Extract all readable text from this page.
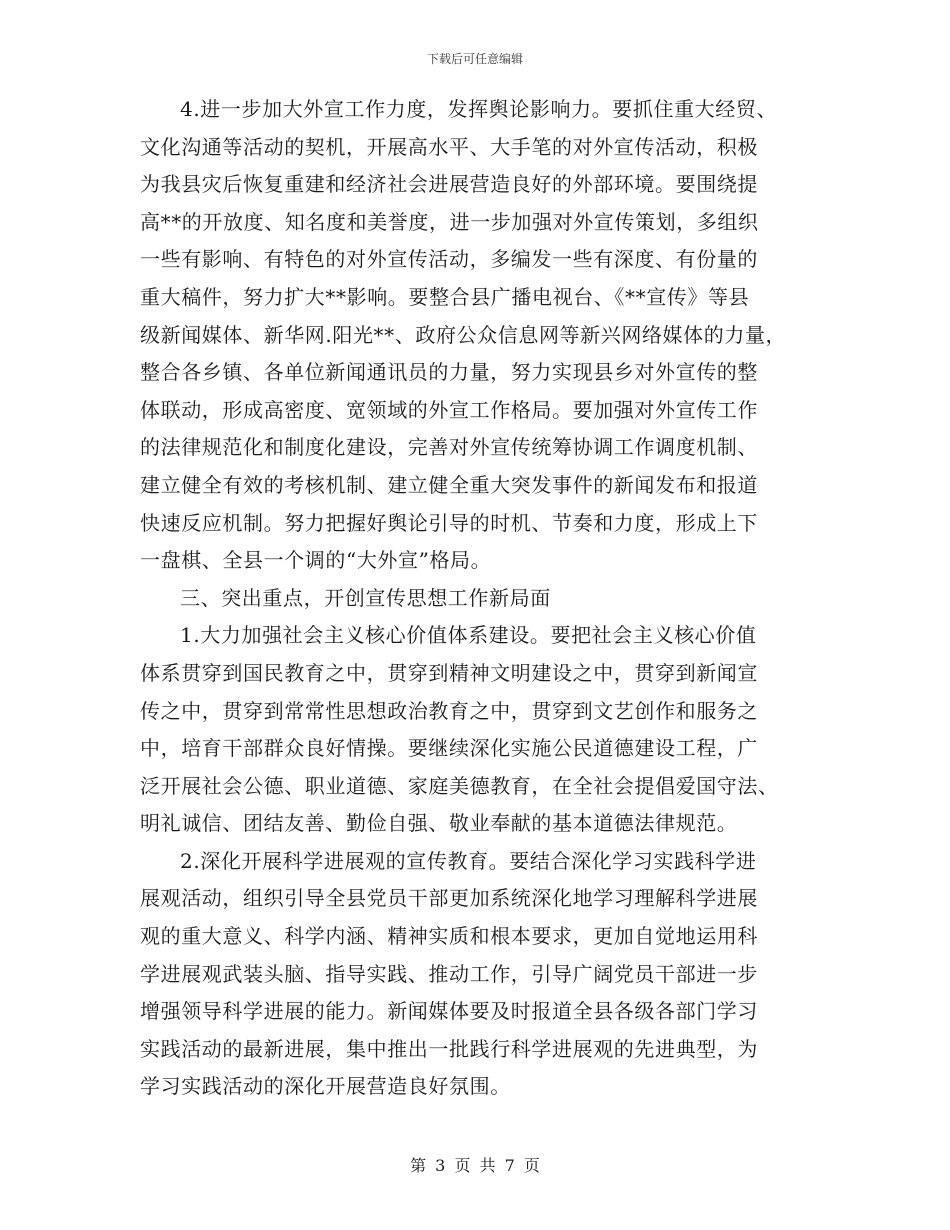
下载后可任意编辑
4.进一步加大外宣工作力度，发挥舆论影响力。要抓住重大经贸、
文化沟通等活动的契机，开展高水平、大手笔的对外宣传活动，积极
为我县灾后恢复重建和经济社会进展营造良好的外部环境。要围绕提
高**的开放度、知名度和美誉度，进一步加强对外宣传策划，多组织
一些有影响、有特色的对外宣传活动，多编发一些有深度、有份量的
重大稿件，努力扩大**影响。要整合县广播电视台、《**宣传》等县
级新闻媒体、新华网.阳光**、政府公众信息网等新兴网络媒体的力量，
整合各乡镇、各单位新闻通讯员的力量，努力实现县乡对外宣传的整
体联动，形成高密度、宽领域的外宣工作格局。要加强对外宣传工作
的法律规范化和制度化建设，完善对外宣传统筹协调工作调度机制、
建立健全有效的考核机制、建立健全重大突发事件的新闻发布和报道
快速反应机制。努力把握好舆论引导的时机、节奏和力度，形成上下
一盘棋、全县一个调的“大外宣”格局。
三、突出重点，开创宣传思想工作新局面
1.大力加强社会主义核心价值体系建设。要把社会主义核心价值
体系贯穿到国民教育之中，贯穿到精神文明建设之中，贯穿到新闻宣
传之中，贯穿到常常性思想政治教育之中，贯穿到文艺创作和服务之
中，培育干部群众良好情操。要继续深化实施公民道德建设工程，广
泛开展社会公德、职业道德、家庭美德教育，在全社会提倡爱国守法、
明礼诚信、团结友善、勤俭自强、敬业奉献的基本道德法律规范。
2.深化开展科学进展观的宣传教育。要结合深化学习实践科学进
展观活动，组织引导全县党员干部更加系统深化地学习理解科学进展
观的重大意义、科学内涵、精神实质和根本要求，更加自觉地运用科
学进展观武装头脑、指导实践、推动工作，引导广阔党员干部进一步
增强领导科学进展的能力。新闻媒体要及时报道全县各级各部门学习
实践活动的最新进展，集中推出一批践行科学进展观的先进典型，为
学习实践活动的深化开展营造良好氛围。
第 3 页 共 7 页
